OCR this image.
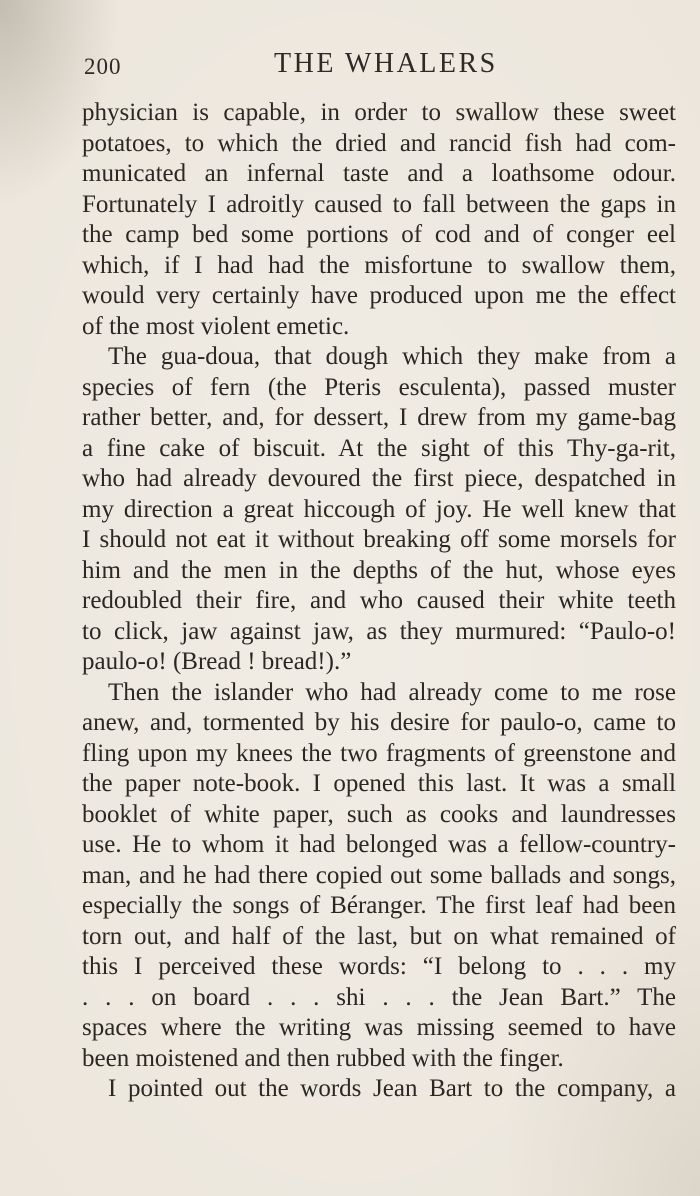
200	THE WHALERS
physician is capable, in order to swallow these sweet
potatoes, to which the dried and rancid fish had com-
municated an infernal taste and a loathsome odour.
Fortunately I adroitly caused to fall between the gaps in
the camp bed some portions of cod and of conger eel
which, if I had had the misfortune to swallow them,
would very certainly have produced upon me the effect
of the most violent emetic.
The gua-doua, that dough which they make from a
species of fern (the Pteris esculenta), passed muster
rather better, and, for dessert, I drew from my game-bag
a fine cake of biscuit. At the sight of this Thy-ga-rit,
who had already devoured the first piece, despatched in
my direction a great hiccough of joy. He well knew that
I should not eat it without breaking off some morsels for
him and the men in the depths of the hut, whose eyes
redoubled their fire, and who caused their white teeth
to click, jaw against jaw, as they murmured: “Paulo-o!
paulo-o! (Bread ! bread!).”
Then the islander who had already come to me rose
anew, and, tormented by his desire for paulo-o, came to
fling upon my knees the two fragments of greenstone and
the paper note-book. I opened this last. It was a small
booklet of white paper, such as cooks and laundresses
use. He to whom it had belonged was a fellow-country-
man, and he had there copied out some ballads and songs,
especially the songs of Béranger. The first leaf had been
torn out, and half of the last, but on what remained of
this I perceived these words: “I belong to . . . my
. . . on board . . . shi . . . the Jean Bart.” The
spaces where the writing was missing seemed to have
been moistened and then rubbed with the finger.
I pointed out the words Jean Bart to the company, a
